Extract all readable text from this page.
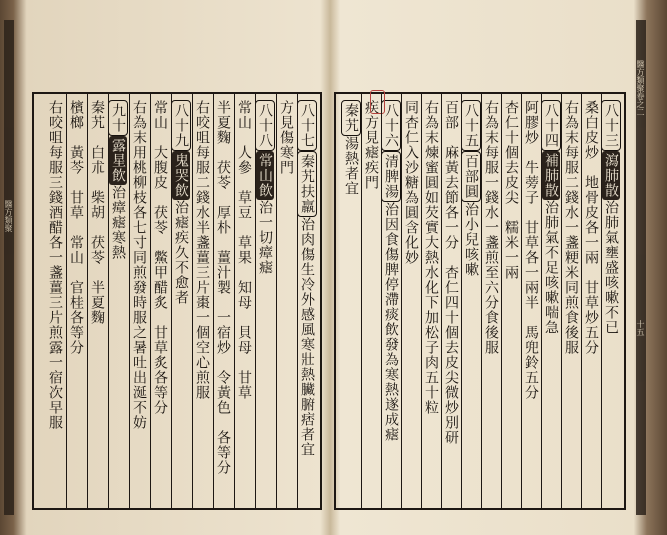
醫方類聚
八十七秦艽扶羸治肉傷生冷外感風寒壯熱臟腑痞者宜
方見傷寒門
八十八常山飲治一切瘴瘧
常山　人參　草豆　草果　知母　貝母　甘草
半夏麴　茯苓　厚朴　薑汁製　一宿炒　令黃色　各等分
右咬咀每服二錢水半盞薑三片棗一個空心煎服
八十九鬼哭飲治瘧疾久不愈者
常山　大腹皮　茯苓　鱉甲醋炙　甘草炙各等分
右為末用桃柳枝各七寸同煎發時服之暑吐出涎不妨
九十露星飲治瘴瘧寒熱
秦艽　白朮　柴胡　茯苓　半夏麴
檳榔　黃芩　甘草　常山　官桂各等分
右咬咀每服三錢酒醋各一盞薑三片煎露一宿次早服	八十三瀉肺散治肺氣壅盛咳嗽不已
桑白皮炒　地骨皮各一兩　甘草炒五分
右為末每服二錢水一盞粳米同煎食後服
八十四補肺散治肺氣不足咳嗽喘急
阿膠炒　牛蒡子　甘草各一兩半　馬兜鈴五分
杏仁十個去皮尖　糯米一兩
右為末每服一錢水一盞煎至六分食後服
八十五百部圓治小兒咳嗽
百部　麻黃去節各一分　杏仁四十個去皮尖微炒別研
右為末煉蜜圓如芡實大熱水化下加松子肉五十粒
同杏仁入沙糖為圓含化妙
八十六清脾湯治因食傷脾停滯痰飲發為寒熱遂成瘧
疾方見瘧疾門
秦艽湯熱者宜
醫方類聚卷之二
十五
